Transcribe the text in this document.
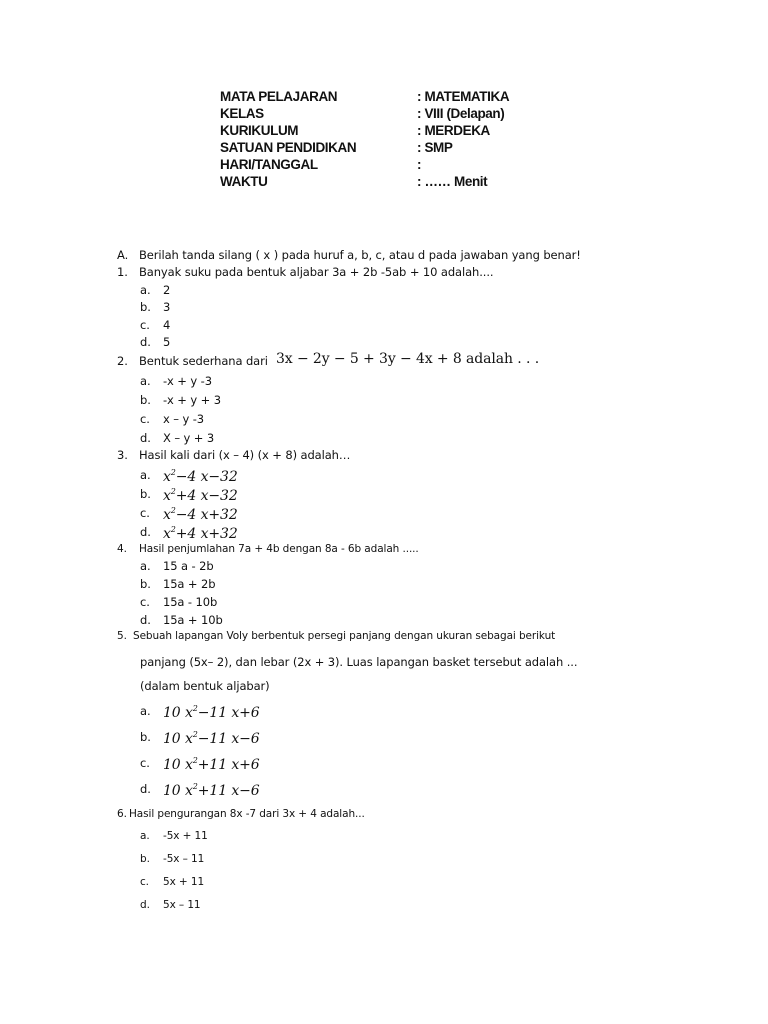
MATA PELAJARAN	: MATEMATIKA
KELAS	: VIII (Delapan)
KURIKULUM	: MERDEKA
SATUAN PENDIDIKAN	: SMP
HARI/TANGGAL	:
WAKTU	: …… Menit
A. Berilah tanda silang ( x ) pada huruf a, b, c, atau d pada jawaban yang benar!
1. Banyak suku pada bentuk aljabar 3a + 2b -5ab + 10 adalah....
a. 2
b. 3
c. 4
d. 5
2. Bentuk sederhana dari 3x − 2y − 5 + 3y − 4x + 8 adalah . . .
a. -x + y -3
b. -x + y + 3
c. x – y -3
d. X – y + 3
3. Hasil kali dari (x – 4) (x + 8) adalah…
a. $x^2-4$ x−32
b. $x^2+4$ x−32
c. $x^2-4$ x+32
d. $x^2+4$ x+32
4. Hasil penjumlahan 7a + 4b dengan 8a - 6b adalah .....
a. 15 a - 2b
b. 15a + 2b
c. 15a - 10b
d. 15a + 10b
5. Sebuah lapangan Voly berbentuk persegi panjang dengan ukuran sebagai berikut
panjang (5x– 2), dan lebar (2x + 3). Luas lapangan basket tersebut adalah ...
(dalam bentuk aljabar)
a. 10 $x^2-11$ x+6
b. 10 $x^2-11$ x−6
c. 10 $x^2+11$ x+6
d. 10 $x^2+11$ x−6
6. Hasil pengurangan 8x -7 dari 3x + 4 adalah...
a. -5x + 11
b. -5x – 11
c. 5x + 11
d. 5x – 11
